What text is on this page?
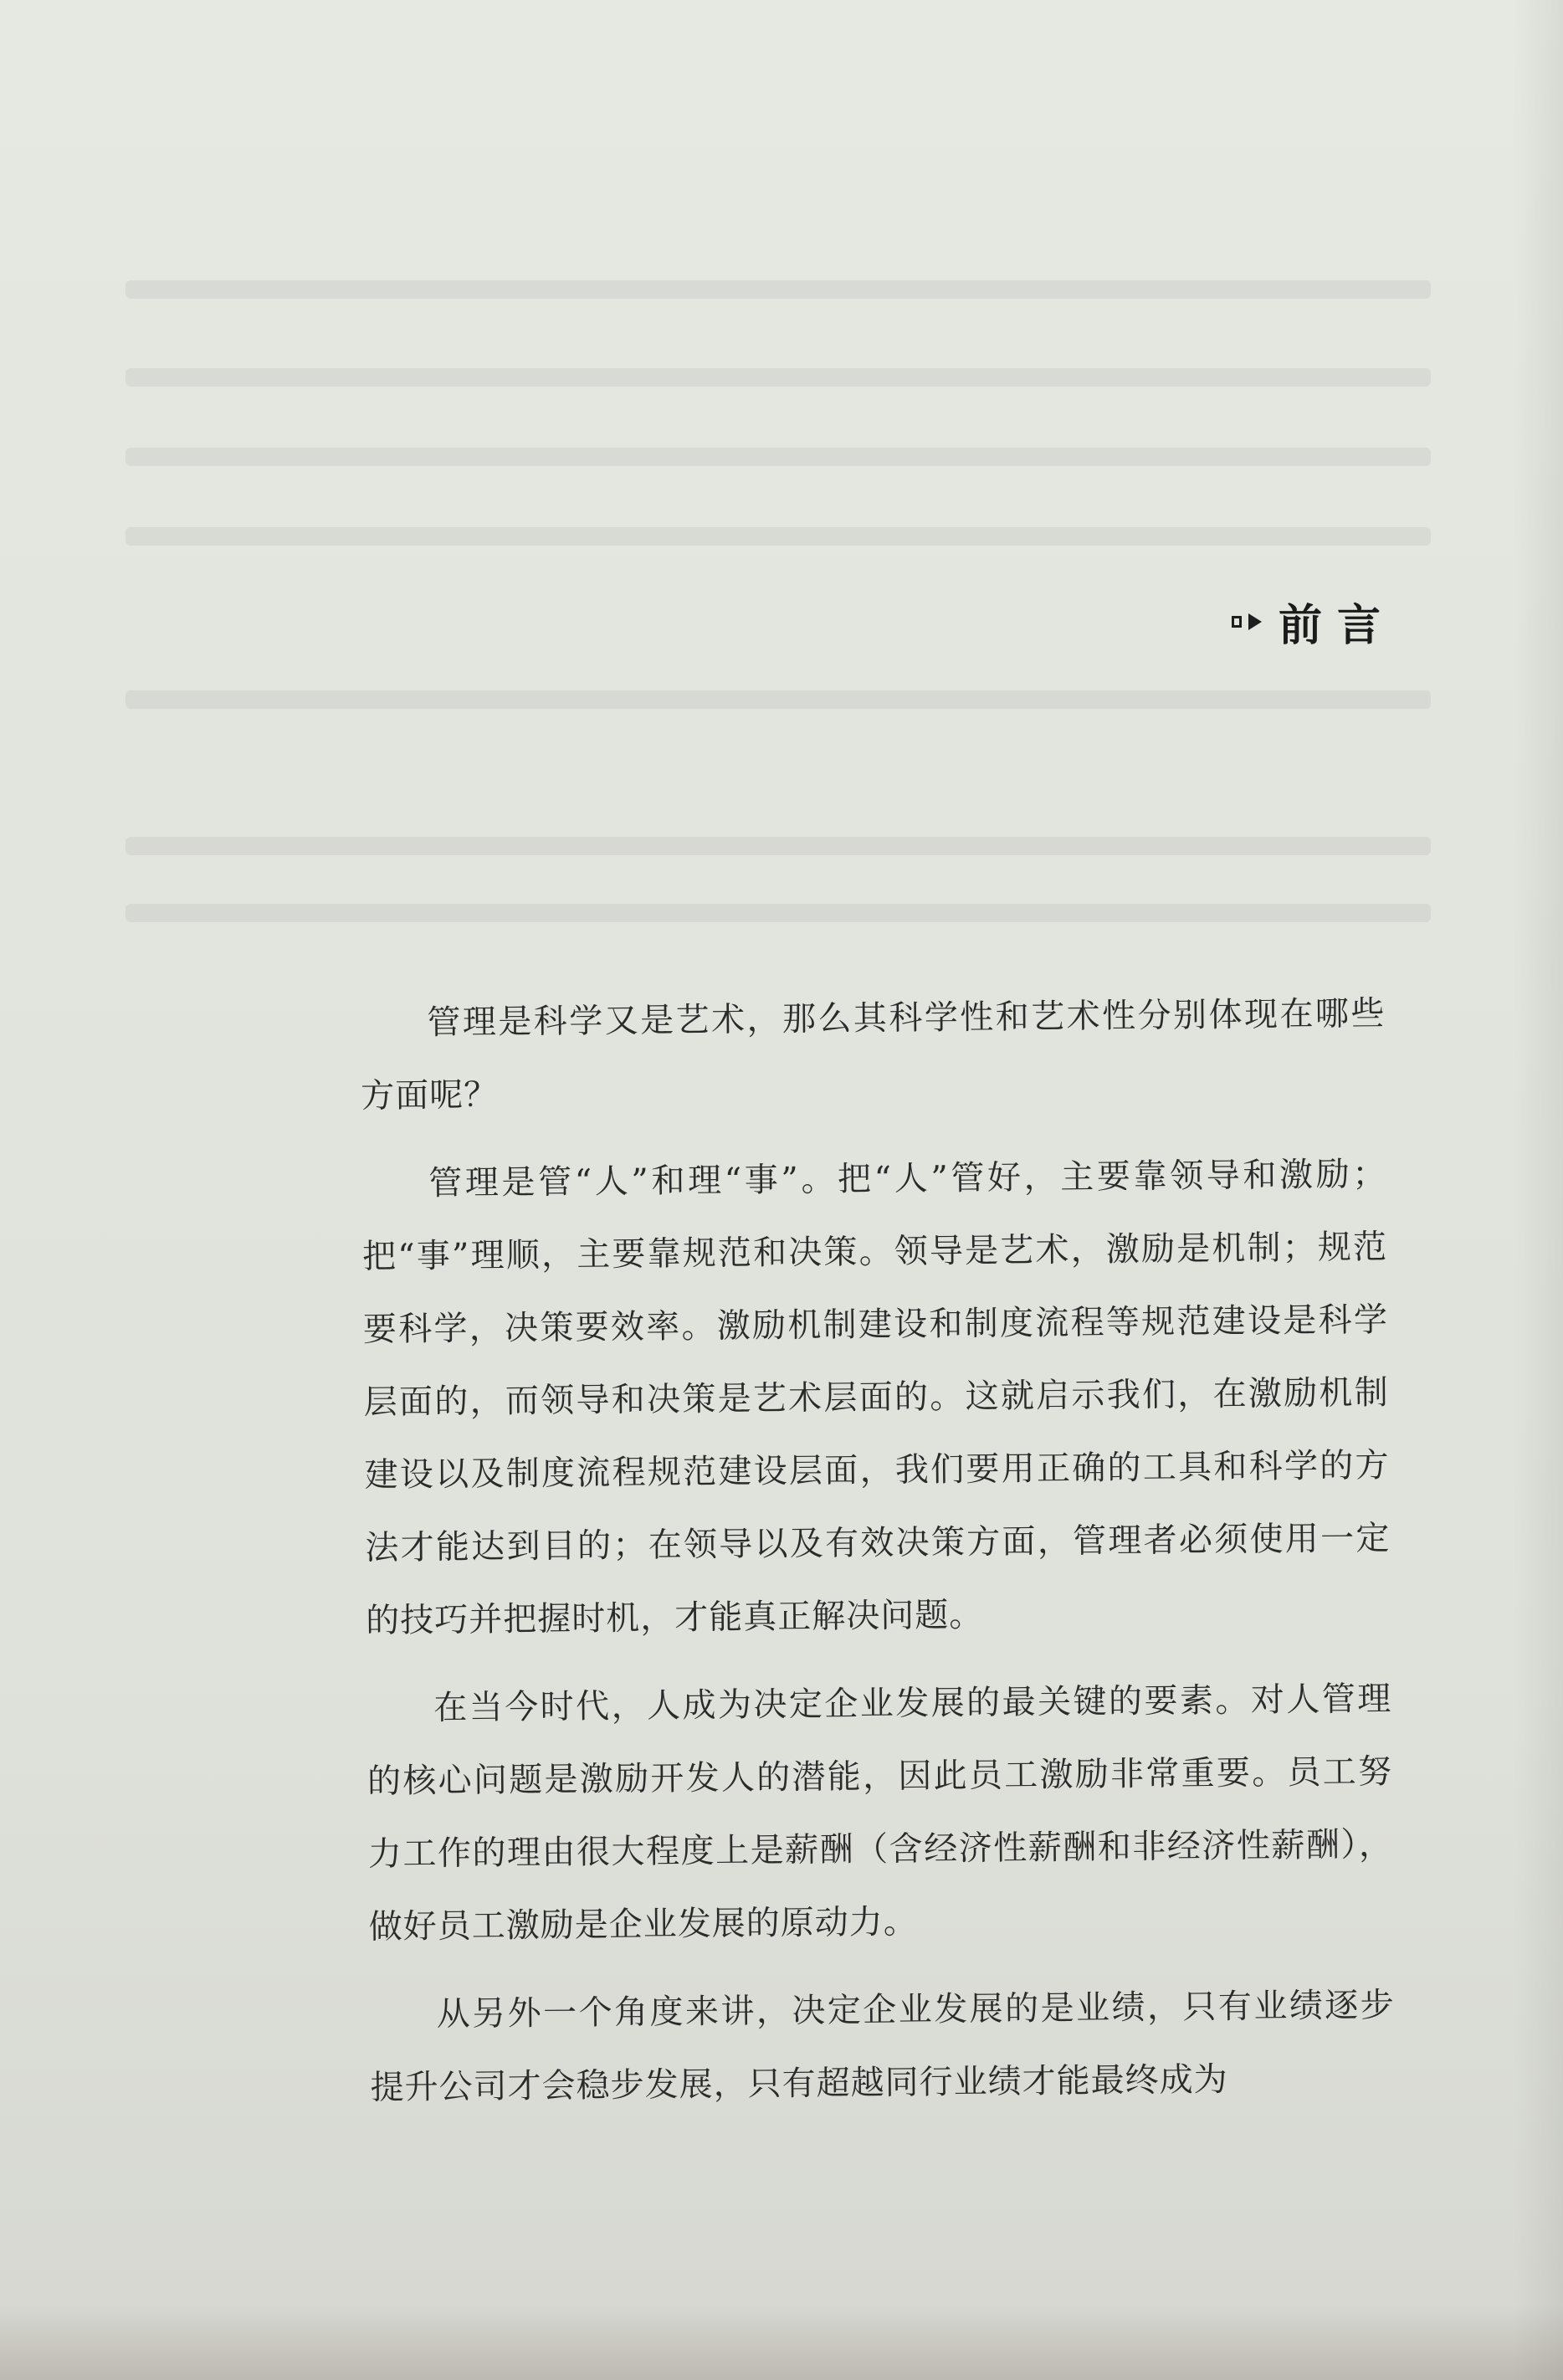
前言

管理是科学又是艺术，那么其科学性和艺术性分别体现在哪些方面呢？

管理是管“人”和理“事”。把“人”管好，主要靠领导和激励；把“事”理顺，主要靠规范和决策。领导是艺术，激励是机制；规范要科学，决策要效率。激励机制建设和制度流程等规范建设是科学层面的，而领导和决策是艺术层面的。这就启示我们，在激励机制建设以及制度流程规范建设层面，我们要用正确的工具和科学的方法才能达到目的；在领导以及有效决策方面，管理者必须使用一定的技巧并把握时机，才能真正解决问题。

在当今时代，人成为决定企业发展的最关键的要素。对人管理的核心问题是激励开发人的潜能，因此员工激励非常重要。员工努力工作的理由很大程度上是薪酬（含经济性薪酬和非经济性薪酬），做好员工激励是企业发展的原动力。

从另外一个角度来讲，决定企业发展的是业绩，只有业绩逐步提升公司才会稳步发展，只有超越同行业绩才能最终成为
